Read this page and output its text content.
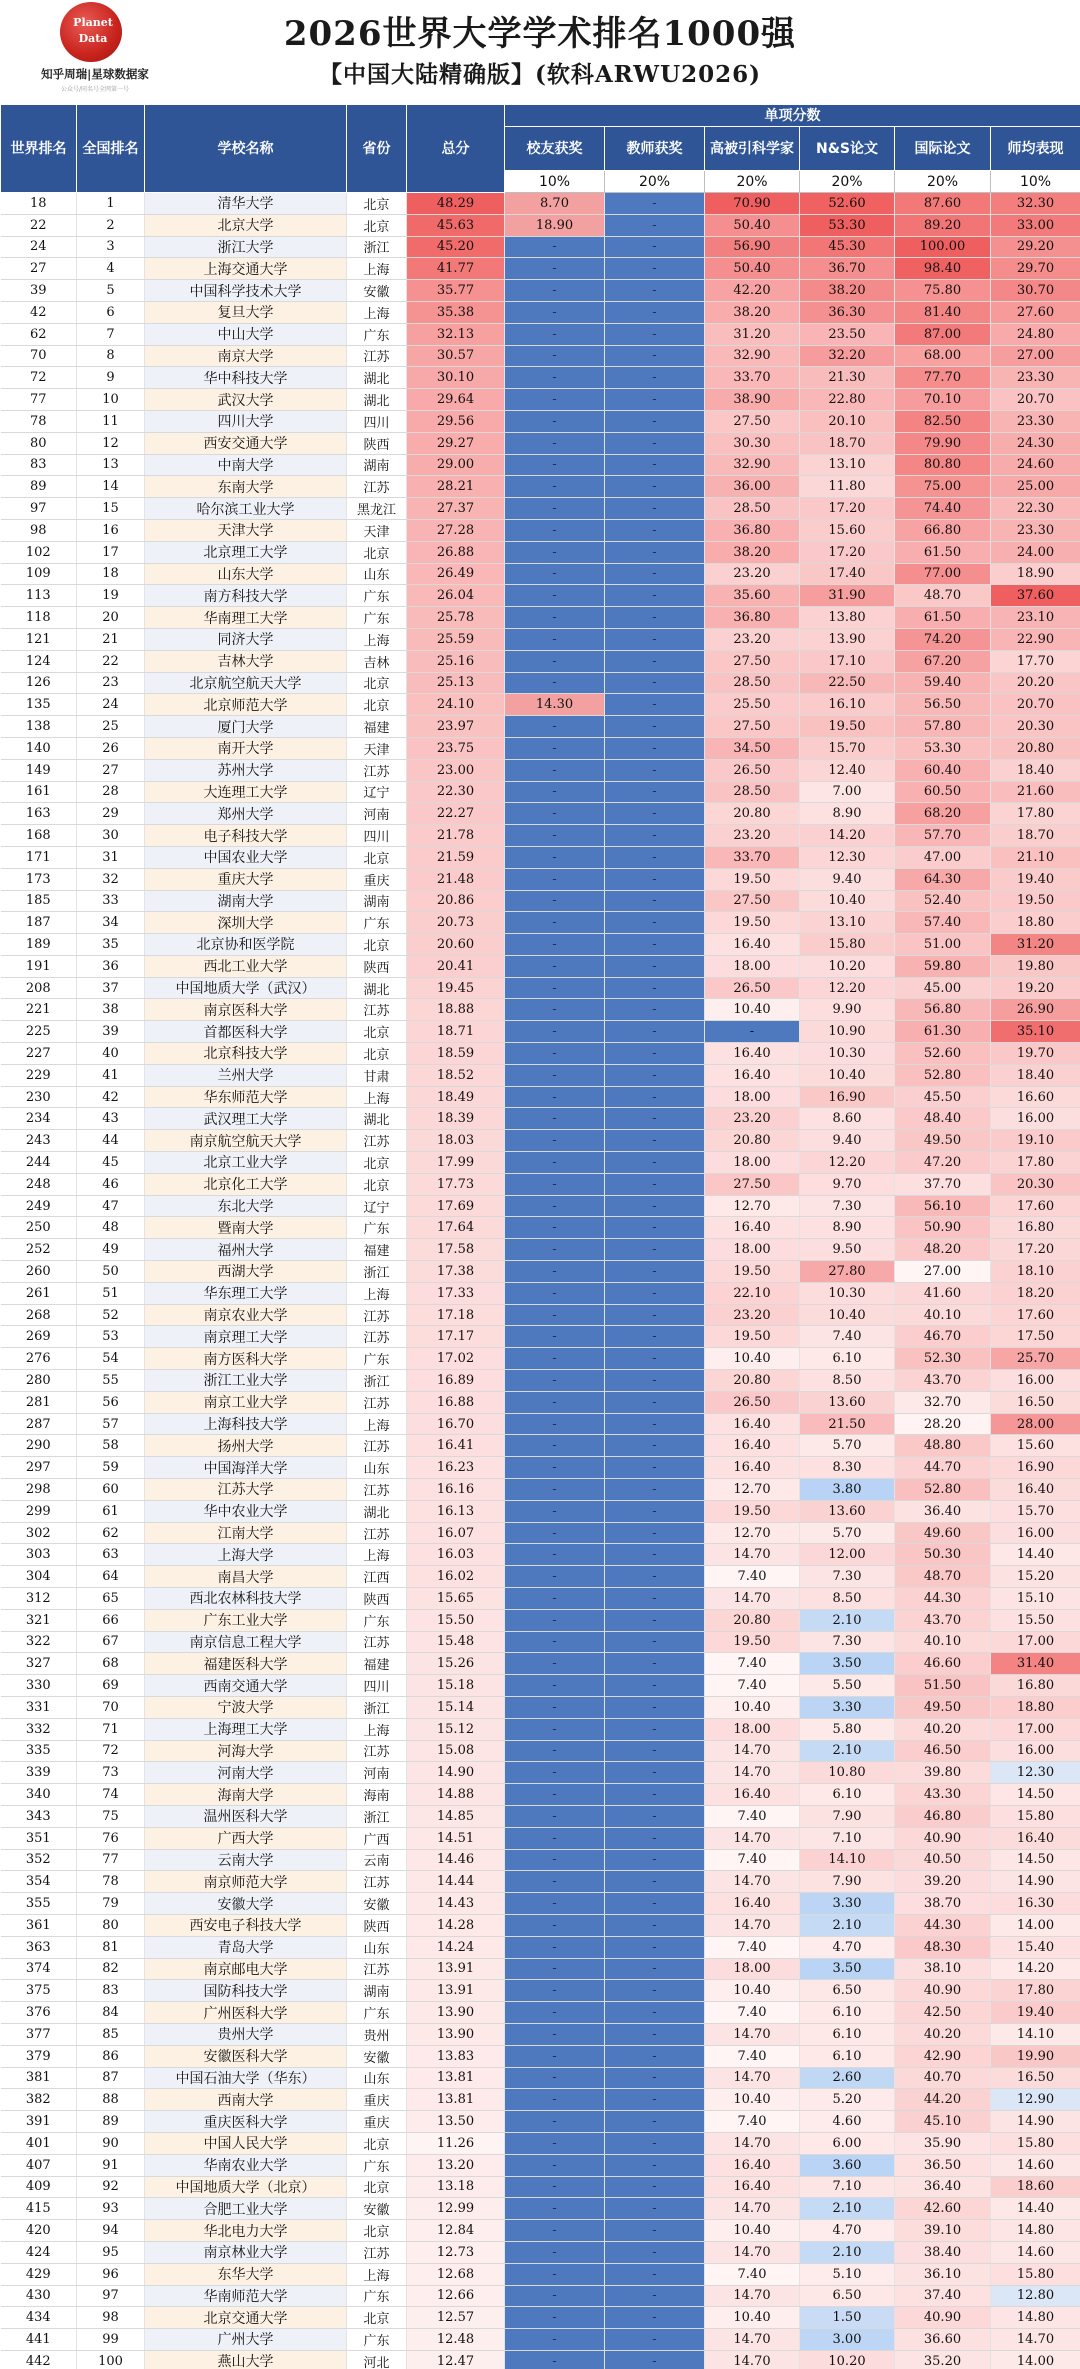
Planet
Data
知乎周瑞|星球数据家
公众号/同名号全网第一号
2026世界大学学术排名1000强
【中国大陆精确版】(软科ARWU2026)
世界排名	全国排名	学校名称	省份	总分	单项分数					
					校友获奖	教师获奖	高被引科学家	N&S论文	国际论文	师均表现
					10%	20%	20%	20%	20%	10%
18	1	清华大学	北京	48.29	8.70	-	70.90	52.60	87.60	32.30
22	2	北京大学	北京	45.63	18.90	-	50.40	53.30	89.20	33.00
24	3	浙江大学	浙江	45.20	-	-	56.90	45.30	100.00	29.20
27	4	上海交通大学	上海	41.77	-	-	50.40	36.70	98.40	29.70
39	5	中国科学技术大学	安徽	35.77	-	-	42.20	38.20	75.80	30.70
42	6	复旦大学	上海	35.38	-	-	38.20	36.30	81.40	27.60
62	7	中山大学	广东	32.13	-	-	31.20	23.50	87.00	24.80
70	8	南京大学	江苏	30.57	-	-	32.90	32.20	68.00	27.00
72	9	华中科技大学	湖北	30.10	-	-	33.70	21.30	77.70	23.30
77	10	武汉大学	湖北	29.64	-	-	38.90	22.80	70.10	20.70
78	11	四川大学	四川	29.56	-	-	27.50	20.10	82.50	23.30
80	12	西安交通大学	陕西	29.27	-	-	30.30	18.70	79.90	24.30
83	13	中南大学	湖南	29.00	-	-	32.90	13.10	80.80	24.60
89	14	东南大学	江苏	28.21	-	-	36.00	11.80	75.00	25.00
97	15	哈尔滨工业大学	黑龙江	27.37	-	-	28.50	17.20	74.40	22.30
98	16	天津大学	天津	27.28	-	-	36.80	15.60	66.80	23.30
102	17	北京理工大学	北京	26.88	-	-	38.20	17.20	61.50	24.00
109	18	山东大学	山东	26.49	-	-	23.20	17.40	77.00	18.90
113	19	南方科技大学	广东	26.04	-	-	35.60	31.90	48.70	37.60
118	20	华南理工大学	广东	25.78	-	-	36.80	13.80	61.50	23.10
121	21	同济大学	上海	25.59	-	-	23.20	13.90	74.20	22.90
124	22	吉林大学	吉林	25.16	-	-	27.50	17.10	67.20	17.70
126	23	北京航空航天大学	北京	25.13	-	-	28.50	22.50	59.40	20.20
135	24	北京师范大学	北京	24.10	14.30	-	25.50	16.10	56.50	20.70
138	25	厦门大学	福建	23.97	-	-	27.50	19.50	57.80	20.30
140	26	南开大学	天津	23.75	-	-	34.50	15.70	53.30	20.80
149	27	苏州大学	江苏	23.00	-	-	26.50	12.40	60.40	18.40
161	28	大连理工大学	辽宁	22.30	-	-	28.50	7.00	60.50	21.60
163	29	郑州大学	河南	22.27	-	-	20.80	8.90	68.20	17.80
168	30	电子科技大学	四川	21.78	-	-	23.20	14.20	57.70	18.70
171	31	中国农业大学	北京	21.59	-	-	33.70	12.30	47.00	21.10
173	32	重庆大学	重庆	21.48	-	-	19.50	9.40	64.30	19.40
185	33	湖南大学	湖南	20.86	-	-	27.50	10.40	52.40	19.50
187	34	深圳大学	广东	20.73	-	-	19.50	13.10	57.40	18.80
189	35	北京协和医学院	北京	20.60	-	-	16.40	15.80	51.00	31.20
191	36	西北工业大学	陕西	20.41	-	-	18.00	10.20	59.80	19.80
208	37	中国地质大学（武汉）	湖北	19.45	-	-	26.50	12.20	45.00	19.20
221	38	南京医科大学	江苏	18.88	-	-	10.40	9.90	56.80	26.90
225	39	首都医科大学	北京	18.71	-	-	-	10.90	61.30	35.10
227	40	北京科技大学	北京	18.59	-	-	16.40	10.30	52.60	19.70
229	41	兰州大学	甘肃	18.52	-	-	16.40	10.40	52.80	18.40
230	42	华东师范大学	上海	18.49	-	-	18.00	16.90	45.50	16.60
234	43	武汉理工大学	湖北	18.39	-	-	23.20	8.60	48.40	16.00
243	44	南京航空航天大学	江苏	18.03	-	-	20.80	9.40	49.50	19.10
244	45	北京工业大学	北京	17.99	-	-	18.00	12.20	47.20	17.80
248	46	北京化工大学	北京	17.73	-	-	27.50	9.70	37.70	20.30
249	47	东北大学	辽宁	17.69	-	-	12.70	7.30	56.10	17.60
250	48	暨南大学	广东	17.64	-	-	16.40	8.90	50.90	16.80
252	49	福州大学	福建	17.58	-	-	18.00	9.50	48.20	17.20
260	50	西湖大学	浙江	17.38	-	-	19.50	27.80	27.00	18.10
261	51	华东理工大学	上海	17.33	-	-	22.10	10.30	41.60	18.20
268	52	南京农业大学	江苏	17.18	-	-	23.20	10.40	40.10	17.60
269	53	南京理工大学	江苏	17.17	-	-	19.50	7.40	46.70	17.50
276	54	南方医科大学	广东	17.02	-	-	10.40	6.10	52.30	25.70
280	55	浙江工业大学	浙江	16.89	-	-	20.80	8.50	43.70	16.00
281	56	南京工业大学	江苏	16.88	-	-	26.50	13.60	32.70	16.50
287	57	上海科技大学	上海	16.70	-	-	16.40	21.50	28.20	28.00
290	58	扬州大学	江苏	16.41	-	-	16.40	5.70	48.80	15.60
297	59	中国海洋大学	山东	16.23	-	-	16.40	8.30	44.70	16.90
298	60	江苏大学	江苏	16.16	-	-	12.70	3.80	52.80	16.40
299	61	华中农业大学	湖北	16.13	-	-	19.50	13.60	36.40	15.70
302	62	江南大学	江苏	16.07	-	-	12.70	5.70	49.60	16.00
303	63	上海大学	上海	16.03	-	-	14.70	12.00	50.30	14.40
304	64	南昌大学	江西	16.02	-	-	7.40	7.30	48.70	15.20
312	65	西北农林科技大学	陕西	15.65	-	-	14.70	8.50	44.30	15.10
321	66	广东工业大学	广东	15.50	-	-	20.80	2.10	43.70	15.50
322	67	南京信息工程大学	江苏	15.48	-	-	19.50	7.30	40.10	17.00
327	68	福建医科大学	福建	15.26	-	-	7.40	3.50	46.60	31.40
330	69	西南交通大学	四川	15.18	-	-	7.40	5.50	51.50	16.80
331	70	宁波大学	浙江	15.14	-	-	10.40	3.30	49.50	18.80
332	71	上海理工大学	上海	15.12	-	-	18.00	5.80	40.20	17.00
335	72	河海大学	江苏	15.08	-	-	14.70	2.10	46.50	16.00
339	73	河南大学	河南	14.90	-	-	14.70	10.80	39.80	12.30
340	74	海南大学	海南	14.88	-	-	16.40	6.10	43.30	14.50
343	75	温州医科大学	浙江	14.85	-	-	7.40	7.90	46.80	15.80
351	76	广西大学	广西	14.51	-	-	14.70	7.10	40.90	16.40
352	77	云南大学	云南	14.46	-	-	7.40	14.10	40.50	14.50
354	78	南京师范大学	江苏	14.44	-	-	14.70	7.90	39.20	14.90
355	79	安徽大学	安徽	14.43	-	-	16.40	3.30	38.70	16.30
361	80	西安电子科技大学	陕西	14.28	-	-	14.70	2.10	44.30	14.00
363	81	青岛大学	山东	14.24	-	-	7.40	4.70	48.30	15.40
374	82	南京邮电大学	江苏	13.91	-	-	18.00	3.50	38.10	14.20
375	83	国防科技大学	湖南	13.91	-	-	10.40	6.50	40.90	17.80
376	84	广州医科大学	广东	13.90	-	-	7.40	6.10	42.50	19.40
377	85	贵州大学	贵州	13.90	-	-	14.70	6.10	40.20	14.10
379	86	安徽医科大学	安徽	13.83	-	-	7.40	6.10	42.90	19.90
381	87	中国石油大学（华东）	山东	13.81	-	-	14.70	2.60	40.70	16.50
382	88	西南大学	重庆	13.81	-	-	10.40	5.20	44.20	12.90
391	89	重庆医科大学	重庆	13.50	-	-	7.40	4.60	45.10	14.90
401	90	中国人民大学	北京	11.26	-	-	14.70	6.00	35.90	15.80
407	91	华南农业大学	广东	13.20	-	-	16.40	3.60	36.50	14.60
409	92	中国地质大学（北京）	北京	13.18	-	-	16.40	7.10	36.40	18.60
415	93	合肥工业大学	安徽	12.99	-	-	14.70	2.10	42.60	14.40
420	94	华北电力大学	北京	12.84	-	-	10.40	4.70	39.10	14.80
424	95	南京林业大学	江苏	12.73	-	-	14.70	2.10	38.40	14.60
429	96	东华大学	上海	12.68	-	-	7.40	5.10	36.10	15.80
430	97	华南师范大学	广东	12.66	-	-	14.70	6.50	37.40	12.80
434	98	北京交通大学	北京	12.57	-	-	10.40	1.50	40.90	14.80
441	99	广州大学	广东	12.48	-	-	14.70	3.00	36.60	14.70
442	100	燕山大学	河北	12.47	-	-	14.70	10.20	35.20	14.00
